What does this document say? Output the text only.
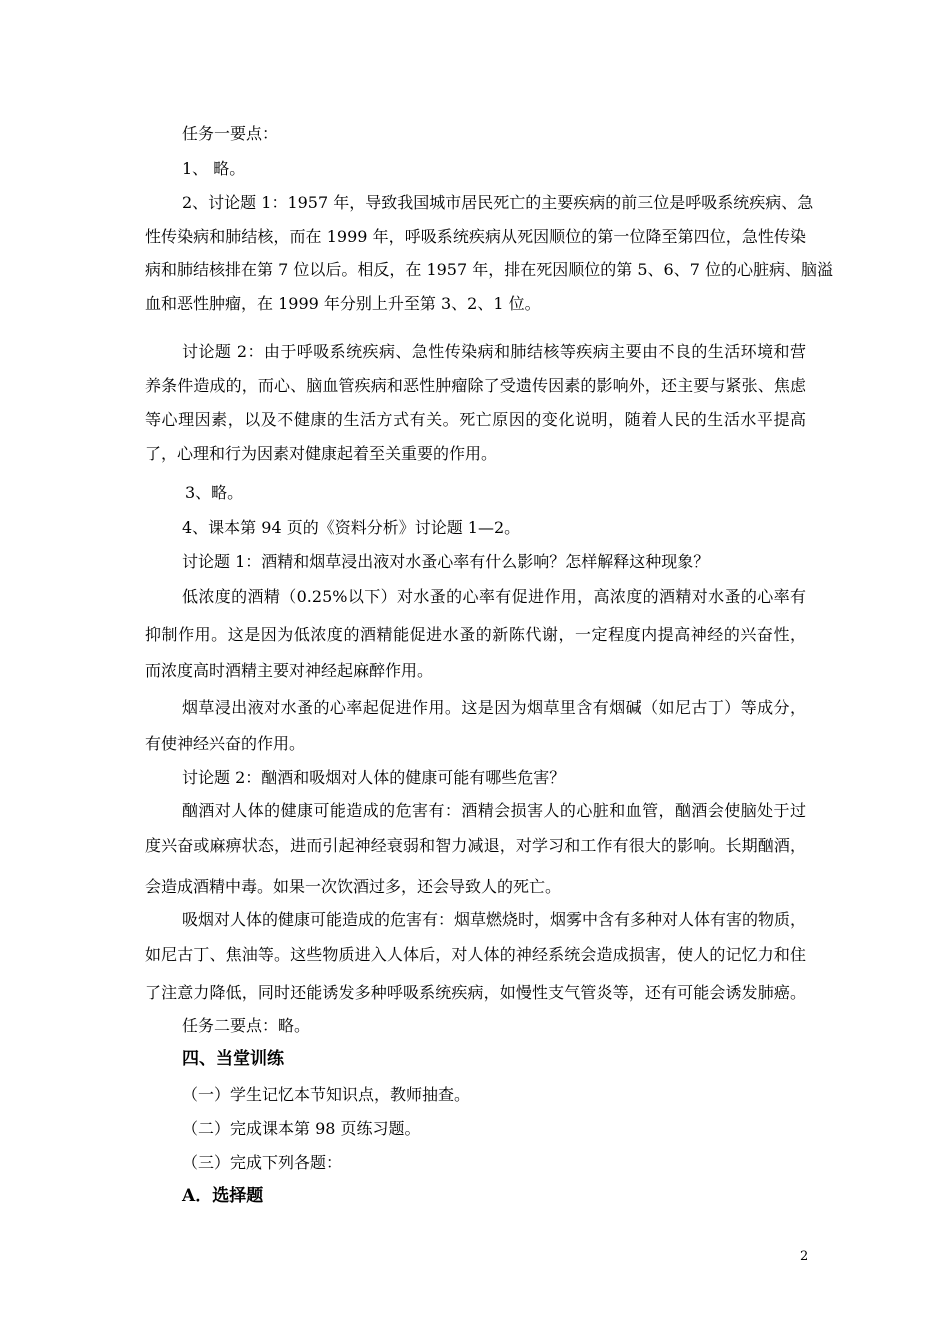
任务一要点：
1、 略。
2、讨论题 1：1957 年，导致我国城市居民死亡的主要疾病的前三位是呼吸系统疾病、急
性传染病和肺结核，而在 1999 年，呼吸系统疾病从死因顺位的第一位降至第四位，急性传染
病和肺结核排在第 7 位以后。相反，在 1957 年，排在死因顺位的第 5、6、7 位的心脏病、脑溢
血和恶性肿瘤，在 1999 年分别上升至第 3、2、1 位。
讨论题 2：由于呼吸系统疾病、急性传染病和肺结核等疾病主要由不良的生活环境和营
养条件造成的，而心、脑血管疾病和恶性肿瘤除了受遗传因素的影响外，还主要与紧张、焦虑
等心理因素，以及不健康的生活方式有关。死亡原因的变化说明，随着人民的生活水平提高
了，心理和行为因素对健康起着至关重要的作用。
3、略。
4、课本第 94 页的《资料分析》讨论题 1—2。
讨论题 1：酒精和烟草浸出液对水蚤心率有什么影响？怎样解释这种现象？
低浓度的酒精（0.25%以下）对水蚤的心率有促进作用，高浓度的酒精对水蚤的心率有
抑制作用。这是因为低浓度的酒精能促进水蚤的新陈代谢，一定程度内提高神经的兴奋性，
而浓度高时酒精主要对神经起麻醉作用。
烟草浸出液对水蚤的心率起促进作用。这是因为烟草里含有烟碱（如尼古丁）等成分，
有使神经兴奋的作用。
讨论题 2：酗酒和吸烟对人体的健康可能有哪些危害？
酗酒对人体的健康可能造成的危害有：酒精会损害人的心脏和血管，酗酒会使脑处于过
度兴奋或麻痹状态，进而引起神经衰弱和智力减退，对学习和工作有很大的影响。长期酗酒，
会造成酒精中毒。如果一次饮酒过多，还会导致人的死亡。
吸烟对人体的健康可能造成的危害有：烟草燃烧时，烟雾中含有多种对人体有害的物质，
如尼古丁、焦油等。这些物质进入人体后，对人体的神经系统会造成损害，使人的记忆力和住
了注意力降低，同时还能诱发多种呼吸系统疾病，如慢性支气管炎等，还有可能会诱发肺癌。
任务二要点：略。
四、当堂训练
（一）学生记忆本节知识点，教师抽查。
（二）完成课本第 98 页练习题。
（三）完成下列各题：
A．选择题
2
